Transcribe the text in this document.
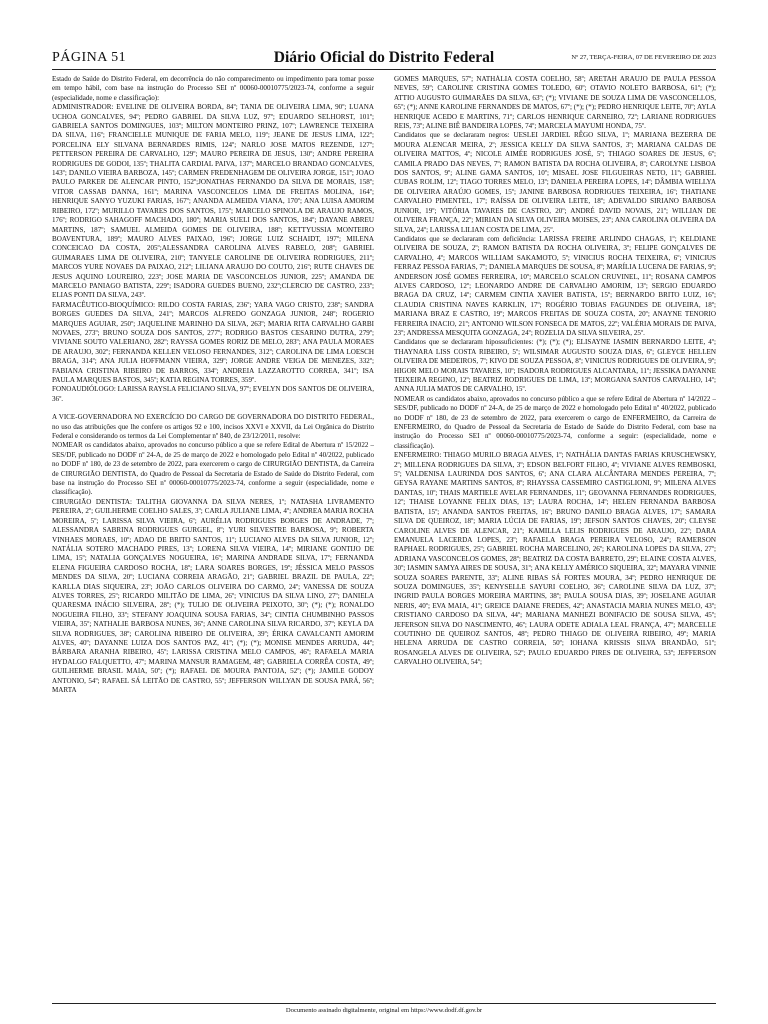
PÁGINA 51	Diário Oficial do Distrito Federal	Nº 27, TERÇA-FEIRA, 07 DE FEVEREIRO DE 2023

Estado de Saúde do Distrito Federal, em decorrência do não comparecimento ou impedimento para tomar posse em tempo hábil, com base na instrução do Processo SEI nº 00060-00010775/2023-74, conforme a seguir (especialidade, nome e classificação):

ADMINISTRADOR: EVELINE DE OLIVEIRA BORDA, 84º; TANIA DE OLIVEIRA LIMA, 90º; LUANA UCHOA GONCALVES, 94º; PEDRO GABRIEL DA SILVA LUZ, 97º; EDUARDO SELHORST, 101º; GABRIELA SANTOS DOMINGUES, 103º; MILTON MONTEIRO PRINZ, 107º; LAWRENCE TEIXEIRA DA SILVA, 116º; FRANCIELLE MUNIQUE DE FARIA MELO, 119º; JEANE DE JESUS LIMA, 122º; PORCELINA ELY SILVANA BERNARDES RIMIS, 124º; NARLO JOSE MATOS REZENDE, 127º; PETTERSON PEREIRA DE CARVALHO, 129º; MAURO PEREIRA DE JESUS, 130º; ANDRE PEREIRA RODRIGUES DE GODOI, 135º; THALITA CARDIAL PAIVA, 137º; MARCELO BRANDAO GONCALVES, 143º; DANILO VIEIRA BARBOZA, 145º; CARMEN FREDENHAGEM DE OLIVEIRA JORGE, 151º; JOAO PAULO PARKER DE ALENCAR PINTO, 152º;JONATHAS FERNANDO DA SILVA DE MORAIS, 158º; VITOR CASSAB DANNA, 161º; MARINA VASCONCELOS LIMA DE FREITAS MOLINA, 164º; HENRIQUE SANYO YUZUKI FARIAS, 167º; ANANDA ALMEIDA VIANA, 170º; ANA LUISA AMORIM RIBEIRO, 172º; MURILLO TAVARES DOS SANTOS, 175º; MARCELO SPINOLA DE ARAUJO RAMOS, 176º; RODRIGO SAHAGOFF MACHADO, 180º; MARIA SUELI DOS SANTOS, 184º; DAYANE ABREU MARTINS, 187º; SAMUEL ALMEIDA GOMES DE OLIVEIRA, 188º; KETTYUSSIA MONTEIRO BOAVENTURA, 189º; MAURO ALVES PAIXAO, 196º; JORGE LUIZ SCHAIDT, 197º; MILENA CONCEICAO DA COSTA, 205º;ALESSANDRA CAROLINA ALVES RABELO, 208º; GABRIEL GUIMARAES LIMA DE OLIVEIRA, 210º; TANYELE CAROLINE DE OLIVEIRA RODRIGUES, 211º; MARCOS YURE NOVAES DA PAIXAO, 212º; LILIANA ARAUJO DO COUTO, 216º; RUTE CHAVES DE JESUS AQUINO LOUREIRO, 223º; JOSE MARIA DE VASCONCELOS JUNIOR, 225º; AMANDA DE MARCELO PANIAGO BATISTA, 229º; ISADORA GUEDES BUENO, 232º;CLERCIO DE CASTRO, 233º; ELIAS PONTI DA SILVA, 243º.

FARMACÊUTICO-BIOQUÍMICO: RILDO COSTA FARIAS, 236º; YARA VAGO CRISTO, 238º; SANDRA BORGES GUEDES DA SILVA, 241º; MARCOS ALFREDO GONZAGA JUNIOR, 248º; ROGERIO MARQUES AGUIAR, 250º; JAQUELINE MARINHO DA SILVA, 263º; MARIA RITA CARVALHO GARBI NOVAES, 273º; BRUNO SOUZA DOS SANTOS, 277º; RODRIGO BASTOS CESARINO DUTRA, 279º; VIVIANE SOUTO VALERIANO, 282º; RAYSSA GOMES RORIZ DE MELO, 283º; ANA PAULA MORAES DE ARAUJO, 302º; FERNANDA KELLEN VELOSO FERNANDES, 312º; CAROLINA DE LIMA LOESCH BRAGA, 314º; ANA JULIA HOFFMANN VIEIRA, 329º; JORGE ANDRE VEIGA DE MENEZES, 332º; FABIANA CRISTINA RIBEIRO DE BARROS, 334º; ANDREIA LAZZAROTTO CORREA, 341º; ISA PAULA MARQUES BASTOS, 345º; KATIA REGINA TORRES, 359º.

FONOAUDIÓLOGO: LARISSA RAYSLA FELICIANO SILVA, 97º; EVELYN DOS SANTOS DE OLIVEIRA, 36º.

A VICE-GOVERNADORA NO EXERCÍCIO DO CARGO DE GOVERNADORA DO DISTRITO FEDERAL, no uso das atribuições que lhe confere os artigos 92 e 100, incisos XXVI e XXVII, da Lei Orgânica do Distrito Federal e considerando os termos da Lei Complementar nº 840, de 23/12/2011, resolve:

NOMEAR os candidatos abaixo, aprovados no concurso público a que se refere Edital de Abertura nº 15/2022 – SES/DF, publicado no DODF nº 24-A, de 25 de março de 2022 e homologado pelo Edital nº 40/2022, publicado no DODF nº 180, de 23 de setembro de 2022, para exercerem o cargo de CIRURGIÃO DENTISTA, da Carreira de CIRURGIÃO DENTISTA, do Quadro de Pessoal da Secretaria de Estado de Saúde do Distrito Federal, com base na instrução do Processo SEI nº 00060-00010775/2023-74, conforme a seguir (especialidade, nome e classificação).

CIRURGIÃO DENTISTA: TALITHA GIOVANNA DA SILVA NERES, 1º; NATASHA LIVRAMENTO PEREIRA, 2º; GUILHERME COELHO SALES, 3º; CARLA JULIANE LIMA, 4º; ANDREA MARIA ROCHA MOREIRA, 5º; LARISSA SILVA VIEIRA, 6º; AURÉLIA RODRIGUES BORGES DE ANDRADE, 7º; ALESSANDRA SABRINA RODRIGUES GURGEL, 8º; YURI SILVESTRE BARBOSA, 9º; ROBERTA VINHAES MORAES, 10º; ADAO DE BRITO SANTOS, 11º; LUCIANO ALVES DA SILVA JUNIOR, 12º; NATÁLIA SOTERO MACHADO PIRES, 13º; LORENA SILVA VIEIRA, 14º; MIRIANE GONTIJO DE LIMA, 15º; NATALIA GONÇALVES NOGUEIRA, 16º; MARINA ANDRADE SILVA, 17º; FERNANDA ELENA FIGUEIRA CARDOSO ROCHA, 18º; LARA SOARES BORGES, 19º; JÉSSICA MELO PASSOS MENDES DA SILVA, 20º; LUCIANA CORREIA ARAGÃO, 21º; GABRIEL BRAZIL DE PAULA, 22º; KARLLA DIAS SIQUEIRA, 23º; JOÃO CARLOS OLIVEIRA DO CARMO, 24º; VANESSA DE SOUZA ALVES TORRES, 25º; RICARDO MILITÃO DE LIMA, 26º; VINICIUS DA SILVA LINO, 27º; DANIELA QUARESMA INÁCIO SILVEIRA, 28º; (*); TULIO DE OLIVEIRA PEIXOTO, 30º; (*); (*); RONALDO NOGUEIRA FILHO, 33º; STEFANY JOAQUINA SOUSA FARIAS, 34º; CINTIA CHUMBINHO PASSOS VIEIRA, 35º; NATHALIE BARBOSA NUNES, 36º; ANNE CAROLINA SILVA RICARDO, 37º; KEYLA DA SILVA RODRIGUES, 38º; CAROLINA RIBEIRO DE OLIVEIRA, 39º; ÉRIKA CAVALCANTI AMORIM ALVES, 40º; DAYANNE LUIZA DOS SANTOS PAZ, 41º; (*); (*); MONISE MENDES ARRUDA, 44º; BÁRBARA ARANHA RIBEIRO, 45º; LARISSA CRISTINA MELO CAMPOS, 46º; RAFAELA MARIA HYDALGO FALQUETTO, 47º; MARINA MANSUR RAMAGEM, 48º; GABRIELA CORRÊA COSTA, 49º; GUILHERME BRASIL MAIA, 50º; (*); RAFAEL DE MOURA PANTOJA, 52º; (*); JAMILE GODOY ANTONIO, 54º; RAFAEL SÁ LEITÃO DE CASTRO, 55º; JEFFERSON WILLYAN DE SOUSA PARÁ, 56º; MARTA

GOMES MARQUES, 57º; NATHÁLIA COSTA COELHO, 58º; ARETAH ARAUJO DE PAULA PESSOA NEVES, 59º; CAROLINE CRISTINA GOMES TOLEDO, 60º; OTAVIO NOLETO BARBOSA, 61º; (*); ATTIO AUGUSTO GUIMARÃES DA SILVA, 63º; (*); VIVIANE DE SOUZA LIMA DE VASCONCELLOS, 65º; (*); ANNE KAROLINE FERNANDES DE MATOS, 67º; (*); (*); PEDRO HENRIQUE LEITE, 70º; AYLA HENRIQUE ACEDO E MARTINS, 71º; CARLOS HENRIQUE CARNEIRO, 72º; LARIANE RODRIGUES REIS, 73º; ALINE BIÊ BANDEIRA LOPES, 74º; MARCELA MAYUMI HONDA, 75º.

Candidatos que se declararam negros: UESLEI JARDIEL RÊGO SILVA, 1º; MARIANA BEZERRA DE MOURA ALENCAR MEIRA, 2º; JESSICA KELLY DA SILVA SANTOS, 3º; MARIANA CALDAS DE OLIVEIRA MATTOS, 4º; NICOLE AIMÉE RODRIGUES JOSÉ, 5º; THIAGO SOARES DE JESUS, 6º; CAMILA PRADO DAS NEVES, 7º; RAMON BATISTA DA ROCHA OLIVEIRA, 8º; CAROLYNE LISBOA DOS SANTOS, 9º; ALINE GAMA SANTOS, 10º; MISAEL JOSE FILGUEIRAS NETO, 11º; GABRIEL CUBAS ROLIM, 12º; TIAGO TORRES MELO, 13º; DANIELA PEREIRA LOPES, 14º; DÂMBIA WIELLYA DE OLIVEIRA ARAÚJO GOMES, 15º; JANINE BARBOSA RODRIGUES TEIXEIRA, 16º; THATIANE CARVALHO PIMENTEL, 17º; RAÍSSA DE OLIVEIRA LEITE, 18º; ADEVALDO SIRIANO BARBOSA JUNIOR, 19º; VITÓRIA TAVARES DE CASTRO, 20º; ANDRÉ DAVID NOVAIS, 21º; WILLIAN DE OLIVEIRA FRANÇA, 22º; MIRIAN DA SILVA OLIVEIRA MOISES, 23º; ANA CAROLINA OLIVEIRA DA SILVA, 24º; LARISSA LILIAN COSTA DE LIMA, 25º.

Candidatos que se declararam com deficiência: LARISSA FREIRE ARLINDO CHAGAS, 1º; KELDIANE OLIVEIRA DE SOUZA, 2º; RAMON BATISTA DA ROCHA OLIVEIRA, 3º; FELIPE GONÇALVES DE CARVALHO, 4º; MARCOS WILLIAM SAKAMOTO, 5º; VINICIUS ROCHA TEIXEIRA, 6º; VINICIUS FERRAZ PESSOA FARIAS, 7º; DANIELA MARQUES DE SOUSA, 8º; MARÍLIA LUCENA DE FARIAS, 9º; ANDERSON JOSÉ GOMES FERREIRA, 10º; MARCELO SCALON CRUVINEL, 11º; ROSANA CAMPOS ALVES CARDOSO, 12º; LEONARDO ANDRE DE CARVALHO AMORIM, 13º; SERGIO EDUARDO BRAGA DA CRUZ, 14º; CARMEM CINTIA XAVIER BATISTA, 15º; BERNARDO BRITO LUIZ, 16º; CLAUDIA CRISTINA NAVES KARKLIN, 17º; ROGÉRIO TOBIAS FAGUNDES DE OLIVEIRA, 18º; MARIANA BRAZ E CASTRO, 19º; MARCOS FREITAS DE SOUZA COSTA, 20º; ANAYNE TENORIO FERREIRA INACIO, 21º; ANTONIO WILSON FONSECA DE MATOS, 22º; VALÉRIA MORAIS DE PAIVA, 23º; ANDRESSA MESQUITA GONZAGA, 24º; ROZELIA DA SILVA SILVEIRA, 25º.

Candidatos que se declararam hipossuficientes: (*); (*); (*); ELISAYNE IASMIN BERNARDO LEITE, 4º; THAYNARA LISS COSTA RIBEIRO, 5º; WILSIMAR AUGUSTO SOUZA DIAS, 6º; GLEYCE HELLEN OLIVEIRA DE MEDEIROS, 7º; KIVO DE SOUZA PESSOA, 8º; VINICIUS RODRIGUES DE OLIVEIRA, 9º; HIGOR MELO MORAIS TAVARES, 10º; ISADORA RODRIGUES ALCANTARA, 11º; JESSIKA DAYANNE TEIXEIRA REGINO, 12º; BEATRIZ RODRIGUES DE LIMA, 13º; MORGANA SANTOS CARVALHO, 14º; ANNA JULIA MATOS DE CARVALHO, 15º.

NOMEAR os candidatos abaixo, aprovados no concurso público a que se refere Edital de Abertura nº 14/2022 – SES/DF, publicado no DODF nº 24-A, de 25 de março de 2022 e homologado pelo Edital nº 40/2022, publicado no DODF nº 180, de 23 de setembro de 2022, para exercerem o cargo de ENFERMEIRO, da Carreira de ENFERMEIRO, do Quadro de Pessoal da Secretaria de Estado de Saúde do Distrito Federal, com base na instrução do Processo SEI nº 00060-00010775/2023-74, conforme a seguir: (especialidade, nome e classificação).

ENFERMEIRO: THIAGO MURILO BRAGA ALVES, 1º; NATHÁLIA DANTAS FARIAS KRUSCHEWSKY, 2º; MILLENA RODRIGUES DA SILVA, 3º; EDSON BELFORT FILHO, 4º; VIVIANE ALVES REMBOSKI, 5º; VALDENISA LAURINDA DOS SANTOS, 6º; ANA CLARA ALCÂNTARA MENDES PEREIRA, 7º; GEYSA RAYANE MARTINS SANTOS, 8º; RHAYSSA CASSEMIRO CASTIGLIONI, 9º; MILENA ALVES DANTAS, 10º; THAIS MARTIELE AVELAR FERNANDES, 11º; GEOVANNA FERNANDES RODRIGUES, 12º; THAISE LOYANNE FELIX DIAS, 13º; LAURA ROCHA, 14º; HELEN FERNANDA BARBOSA BATISTA, 15º; ANANDA SANTOS FREITAS, 16º; BRUNO DANILO BRAGA ALVES, 17º; SAMARA SILVA DE QUEIROZ, 18º; MARIA LÚCIA DE FARIAS, 19º; JEFSON SANTOS CHAVES, 20º; CLEYSE CAROLINE ALVES DE ALENCAR, 21º; KAMILLA LELIS RODRIGUES DE ARAUJO, 22º; DARA EMANUELA LACERDA LOPES, 23º; RAFAELA BRAGA PEREIRA VELOSO, 24º; RAMERSON RAPHAEL RODRIGUES, 25º; GABRIEL ROCHA MARCELINO, 26º; KAROLINA LOPES DA SILVA, 27º; ADRIANA VASCONCELOS GOMES, 28º; BEATRIZ DA COSTA BARRETO, 29º; ELAINE COSTA ALVES, 30º; IASMIN SAMYA AIRES DE SOUSA, 31º; ANA KELLY AMÉRICO SIQUEIRA, 32º; MAYARA VINNIE SOUZA SOARES PARENTE, 33º; ALINE RIBAS SÁ FORTES MOURA, 34º; PEDRO HENRIQUE DE SOUZA DOMINGUES, 35º; KENYSELLE SAYURI COELHO, 36º; CAROLINE SILVA DA LUZ, 37º; INGRID PAULA BORGES MOREIRA MARTINS, 38º; PAULA SOUSA DIAS, 39º; JOSELANE AGUIAR NERIS, 40º; EVA MAIA, 41º; GREICE DAIANE FREDES, 42º; ANASTACIA MARIA NUNES MELO, 43º; CRISTIANO CARDOSO DA SILVA, 44º; MARIANA MANHEZI BONIFACIO DE SOUSA SILVA, 45º; JEFERSON SILVA DO NASCIMENTO, 46º; LAURA ODETE ADIALA LEAL FRANÇA, 47º; MARCELLE COUTINHO DE QUEIROZ SANTOS, 48º; PEDRO THIAGO DE OLIVEIRA RIBEIRO, 49º; MARIA HELENA ARRUDA DE CASTRO CORREIA, 50º; IOHANA KRISSIS SILVA BRANDÃO, 51º; ROSANGELA ALVES DE OLIVEIRA, 52º; PAULO EDUARDO PIRES DE OLIVEIRA, 53º; JEFFERSON CARVALHO OLIVEIRA, 54º;

Documento assinado digitalmente, original em https://www.dodf.df.gov.br
